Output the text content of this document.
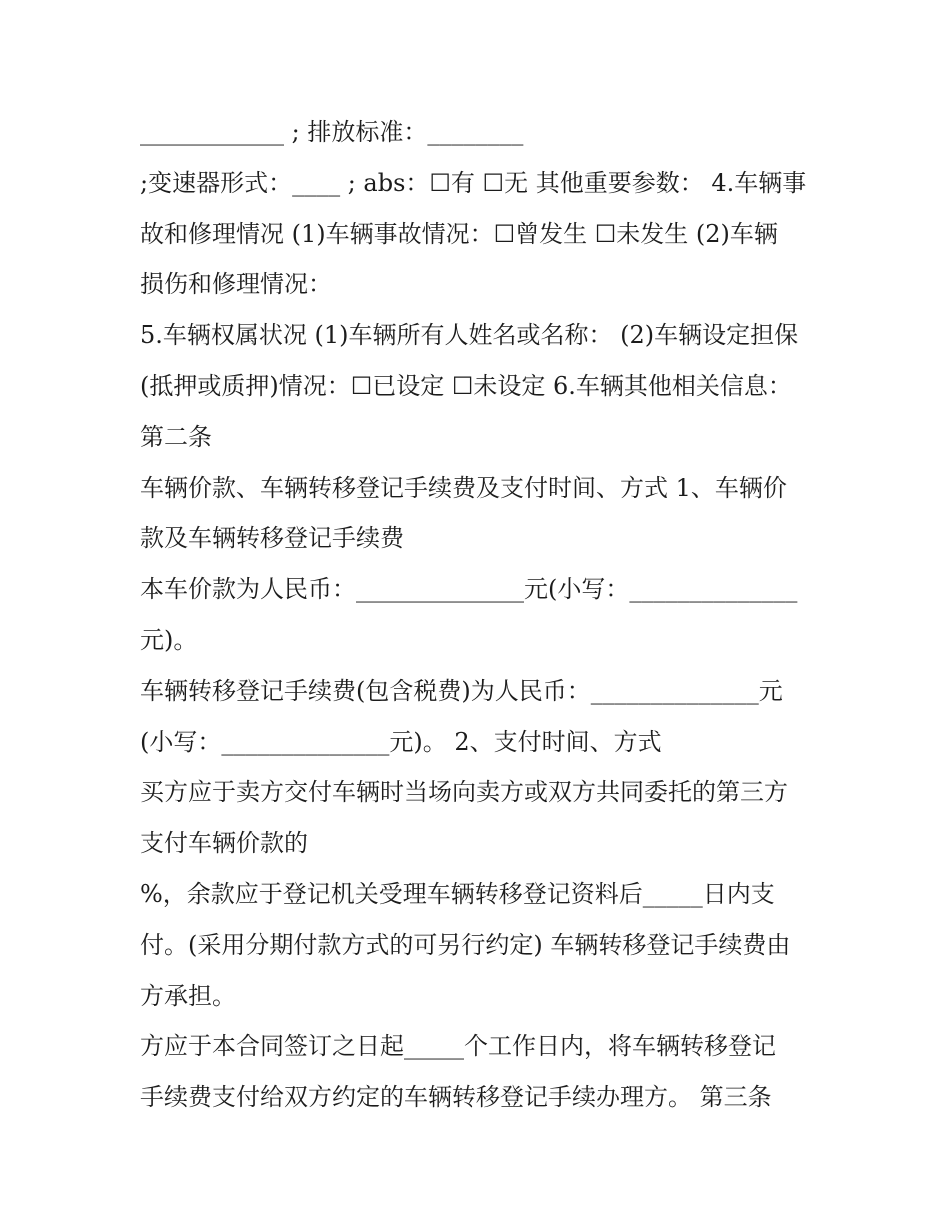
____________ ; 排放标准：________
;变速器形式：____ ; abs：☐有 ☐无 其他重要参数： 4.车辆事
故和修理情况 (1)车辆事故情况：☐曾发生 ☐未发生 (2)车辆
损伤和修理情况：
5.车辆权属状况 (1)车辆所有人姓名或名称： (2)车辆设定担保
(抵押或质押)情况：☐已设定 ☐未设定 6.车辆其他相关信息：
第二条
车辆价款、车辆转移登记手续费及支付时间、方式 1、车辆价
款及车辆转移登记手续费
本车价款为人民币：______________元(小写：______________
元)。
车辆转移登记手续费(包含税费)为人民币：______________元
(小写：______________元)。 2、支付时间、方式
买方应于卖方交付车辆时当场向卖方或双方共同委托的第三方
支付车辆价款的
%，余款应于登记机关受理车辆转移登记资料后_____日内支
付。(采用分期付款方式的可另行约定) 车辆转移登记手续费由
方承担。
方应于本合同签订之日起_____个工作日内，将车辆转移登记
手续费支付给双方约定的车辆转移登记手续办理方。 第三条
